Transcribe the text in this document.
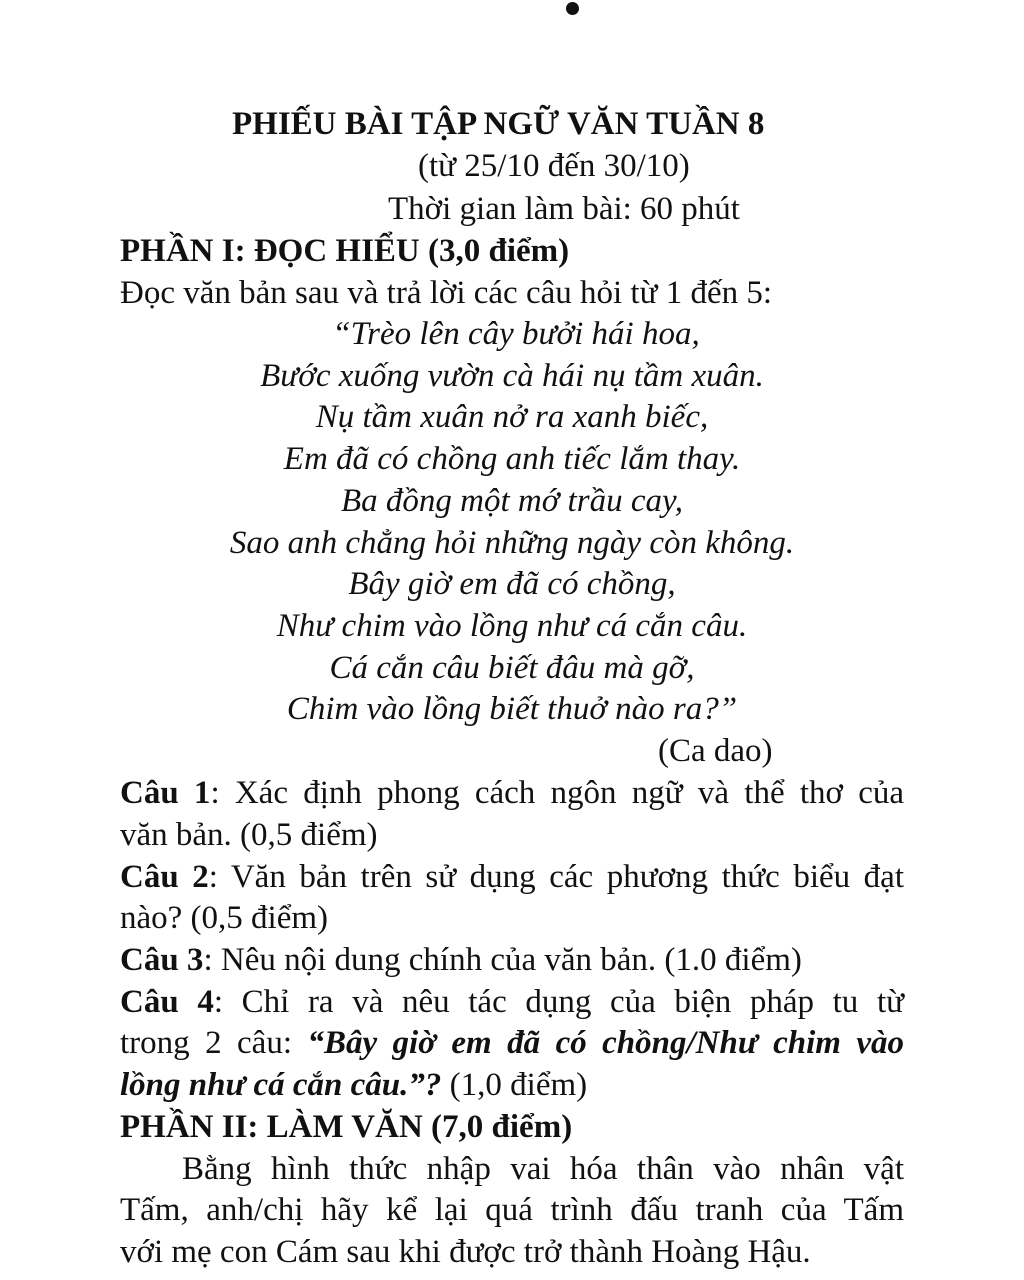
PHIẾU BÀI TẬP NGỮ VĂN TUẦN 8
(từ 25/10 đến 30/10)
Thời gian làm bài: 60 phút
PHẦN I: ĐỌC HIỂU (3,0 điểm)
Đọc văn bản sau và trả lời các câu hỏi từ 1 đến 5:
“Trèo lên cây bưởi hái hoa,
Bước xuống vườn cà hái nụ tầm xuân.
Nụ tầm xuân nở ra xanh biếc,
Em đã có chồng anh tiếc lắm thay.
Ba đồng một mớ trầu cay,
Sao anh chẳng hỏi những ngày còn không.
Bây giờ em đã có chồng,
Như chim vào lồng như cá cắn câu.
Cá cắn câu biết đâu mà gỡ,
Chim vào lồng biết thuở nào ra?”
(Ca dao)
Câu 1: Xác định phong cách ngôn ngữ và thể thơ của
văn bản. (0,5 điểm)
Câu 2: Văn bản trên sử dụng các phương thức biểu đạt
nào? (0,5 điểm)
Câu 3: Nêu nội dung chính của văn bản. (1.0 điểm)
Câu 4: Chỉ ra và nêu tác dụng của biện pháp tu từ
trong 2 câu: “Bây giờ em đã có chồng/Như chim vào
lồng như cá cắn câu.”? (1,0 điểm)
PHẦN II: LÀM VĂN (7,0 điểm)
Bằng hình thức nhập vai hóa thân vào nhân vật
Tấm, anh/chị hãy kể lại quá trình đấu tranh của Tấm
với mẹ con Cám sau khi được trở thành Hoàng Hậu.
